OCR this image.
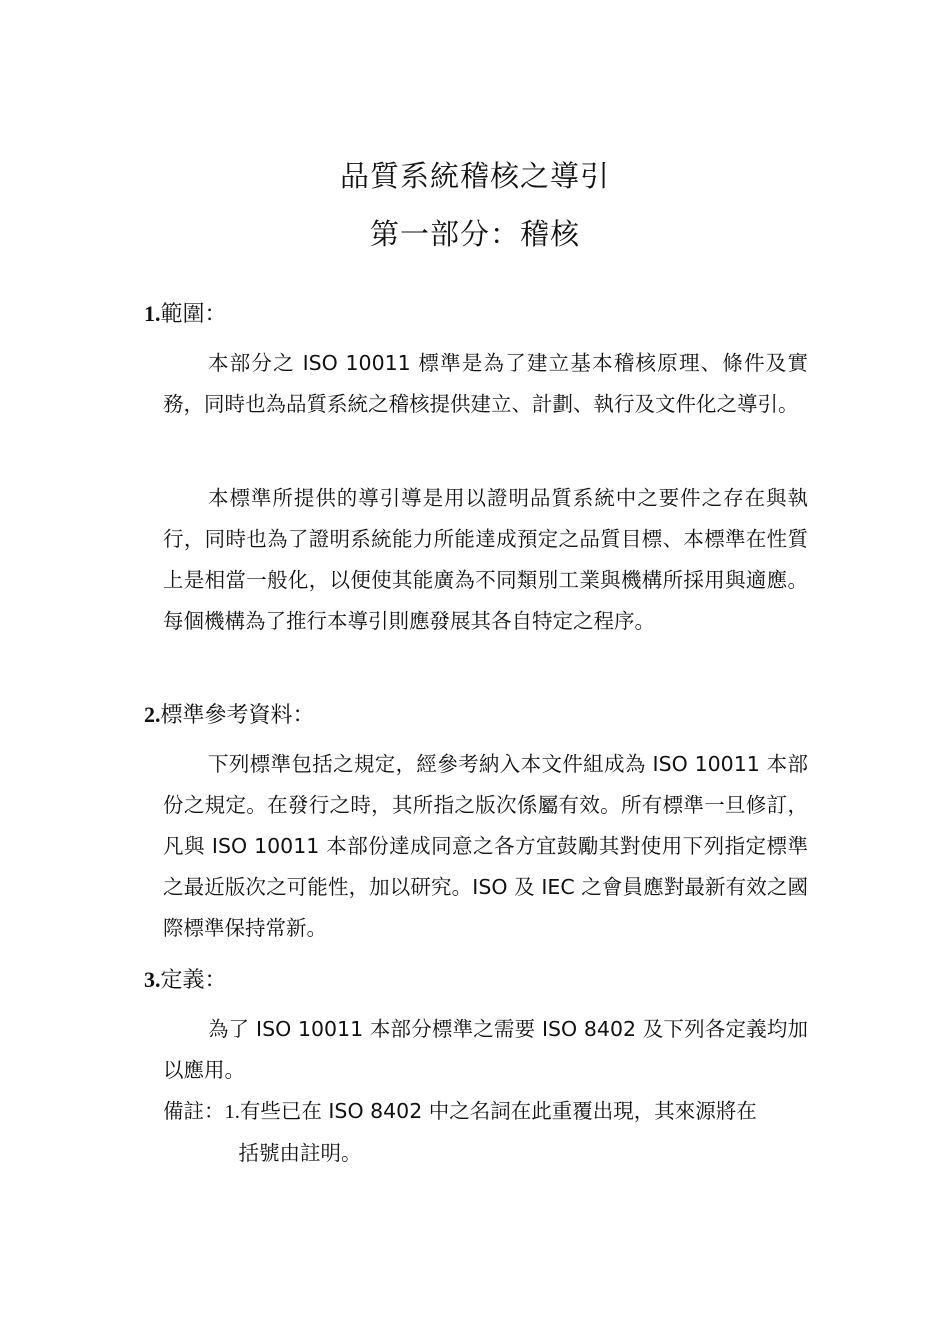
品質系統稽核之導引
第一部分：稽核
1.範圍：

本部分之 ISO 10011 標準是為了建立基本稽核原理、條件及實務，同時也為品質系統之稽核提供建立、計劃、執行及文件化之導引。

本標準所提供的導引導是用以證明品質系統中之要件之存在與執行，同時也為了證明系統能力所能達成預定之品質目標、本標準在性質上是相當一般化，以便使其能廣為不同類別工業與機構所採用與適應。每個機構為了推行本導引則應發展其各自特定之程序。

2.標準參考資料：

下列標準包括之規定，經參考納入本文件組成為 ISO 10011 本部份之規定。在發行之時，其所指之版次係屬有效。所有標準一旦修訂，凡與 ISO 10011 本部份達成同意之各方宜鼓勵其對使用下列指定標準之最近版次之可能性，加以研究。ISO 及 IEC 之會員應對最新有效之國際標準保持常新。

3.定義：

為了 ISO 10011 本部分標準之需要 ISO 8402 及下列各定義均加以應用。

備註： 1.有些已在 ISO 8402 中之名詞在此重覆出現，其來源將在
括號由註明。
